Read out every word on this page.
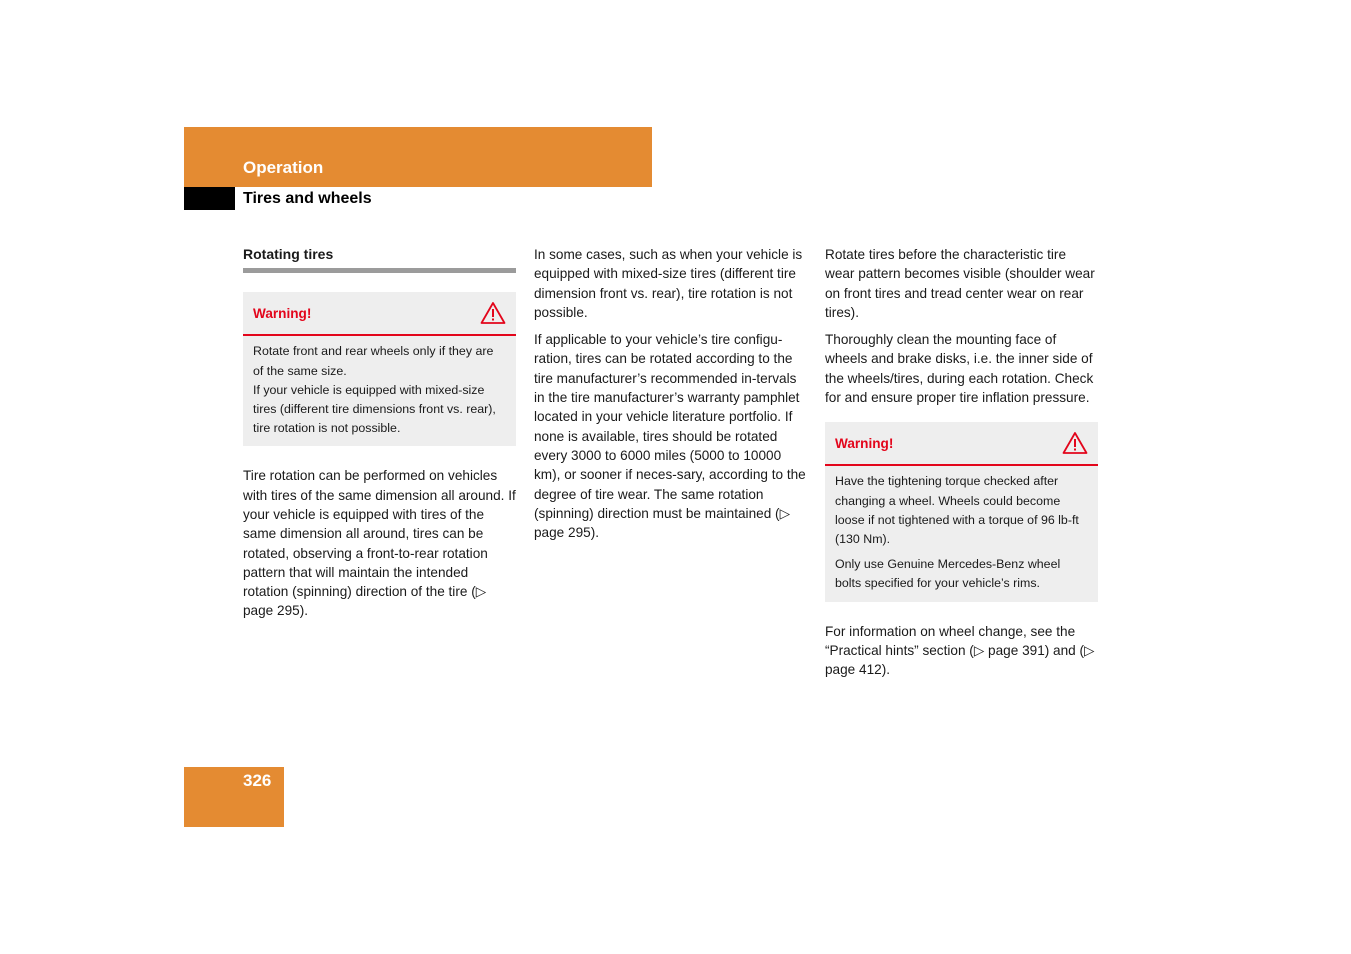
Operation
Tires and wheels
Rotating tires
Warning!

Rotate front and rear wheels only if they are of the same size.

If your vehicle is equipped with mixed-size tires (different tire dimensions front vs. rear), tire rotation is not possible.

Tire rotation can be performed on vehicles with tires of the same dimension all around. If your vehicle is equipped with tires of the same dimension all around, tires can be rotated, observing a front-to-rear rotation pattern that will maintain the intended rotation (spinning) direction of the tire (▷ page 295).

In some cases, such as when your vehicle is equipped with mixed-size tires (different tire dimension front vs. rear), tire rotation is not possible.

If applicable to your vehicle’s tire configu-ration, tires can be rotated according to the tire manufacturer’s recommended in-tervals in the tire manufacturer’s warranty pamphlet located in your vehicle literature portfolio. If none is available, tires should be rotated every 3000 to 6000 miles (5000 to 10000 km), or sooner if neces-sary, according to the degree of tire wear. The same rotation (spinning) direction must be maintained (▷ page 295).

Rotate tires before the characteristic tire wear pattern becomes visible (shoulder wear on front tires and tread center wear on rear tires).

Thoroughly clean the mounting face of wheels and brake disks, i.e. the inner side of the wheels/tires, during each rotation. Check for and ensure proper tire inflation pressure.

Warning!

Have the tightening torque checked after changing a wheel. Wheels could become loose if not tightened with a torque of 96 lb-ft (130 Nm).

Only use Genuine Mercedes-Benz wheel bolts specified for your vehicle’s rims.

For information on wheel change, see the “Practical hints” section (▷ page 391) and (▷ page 412).

326
